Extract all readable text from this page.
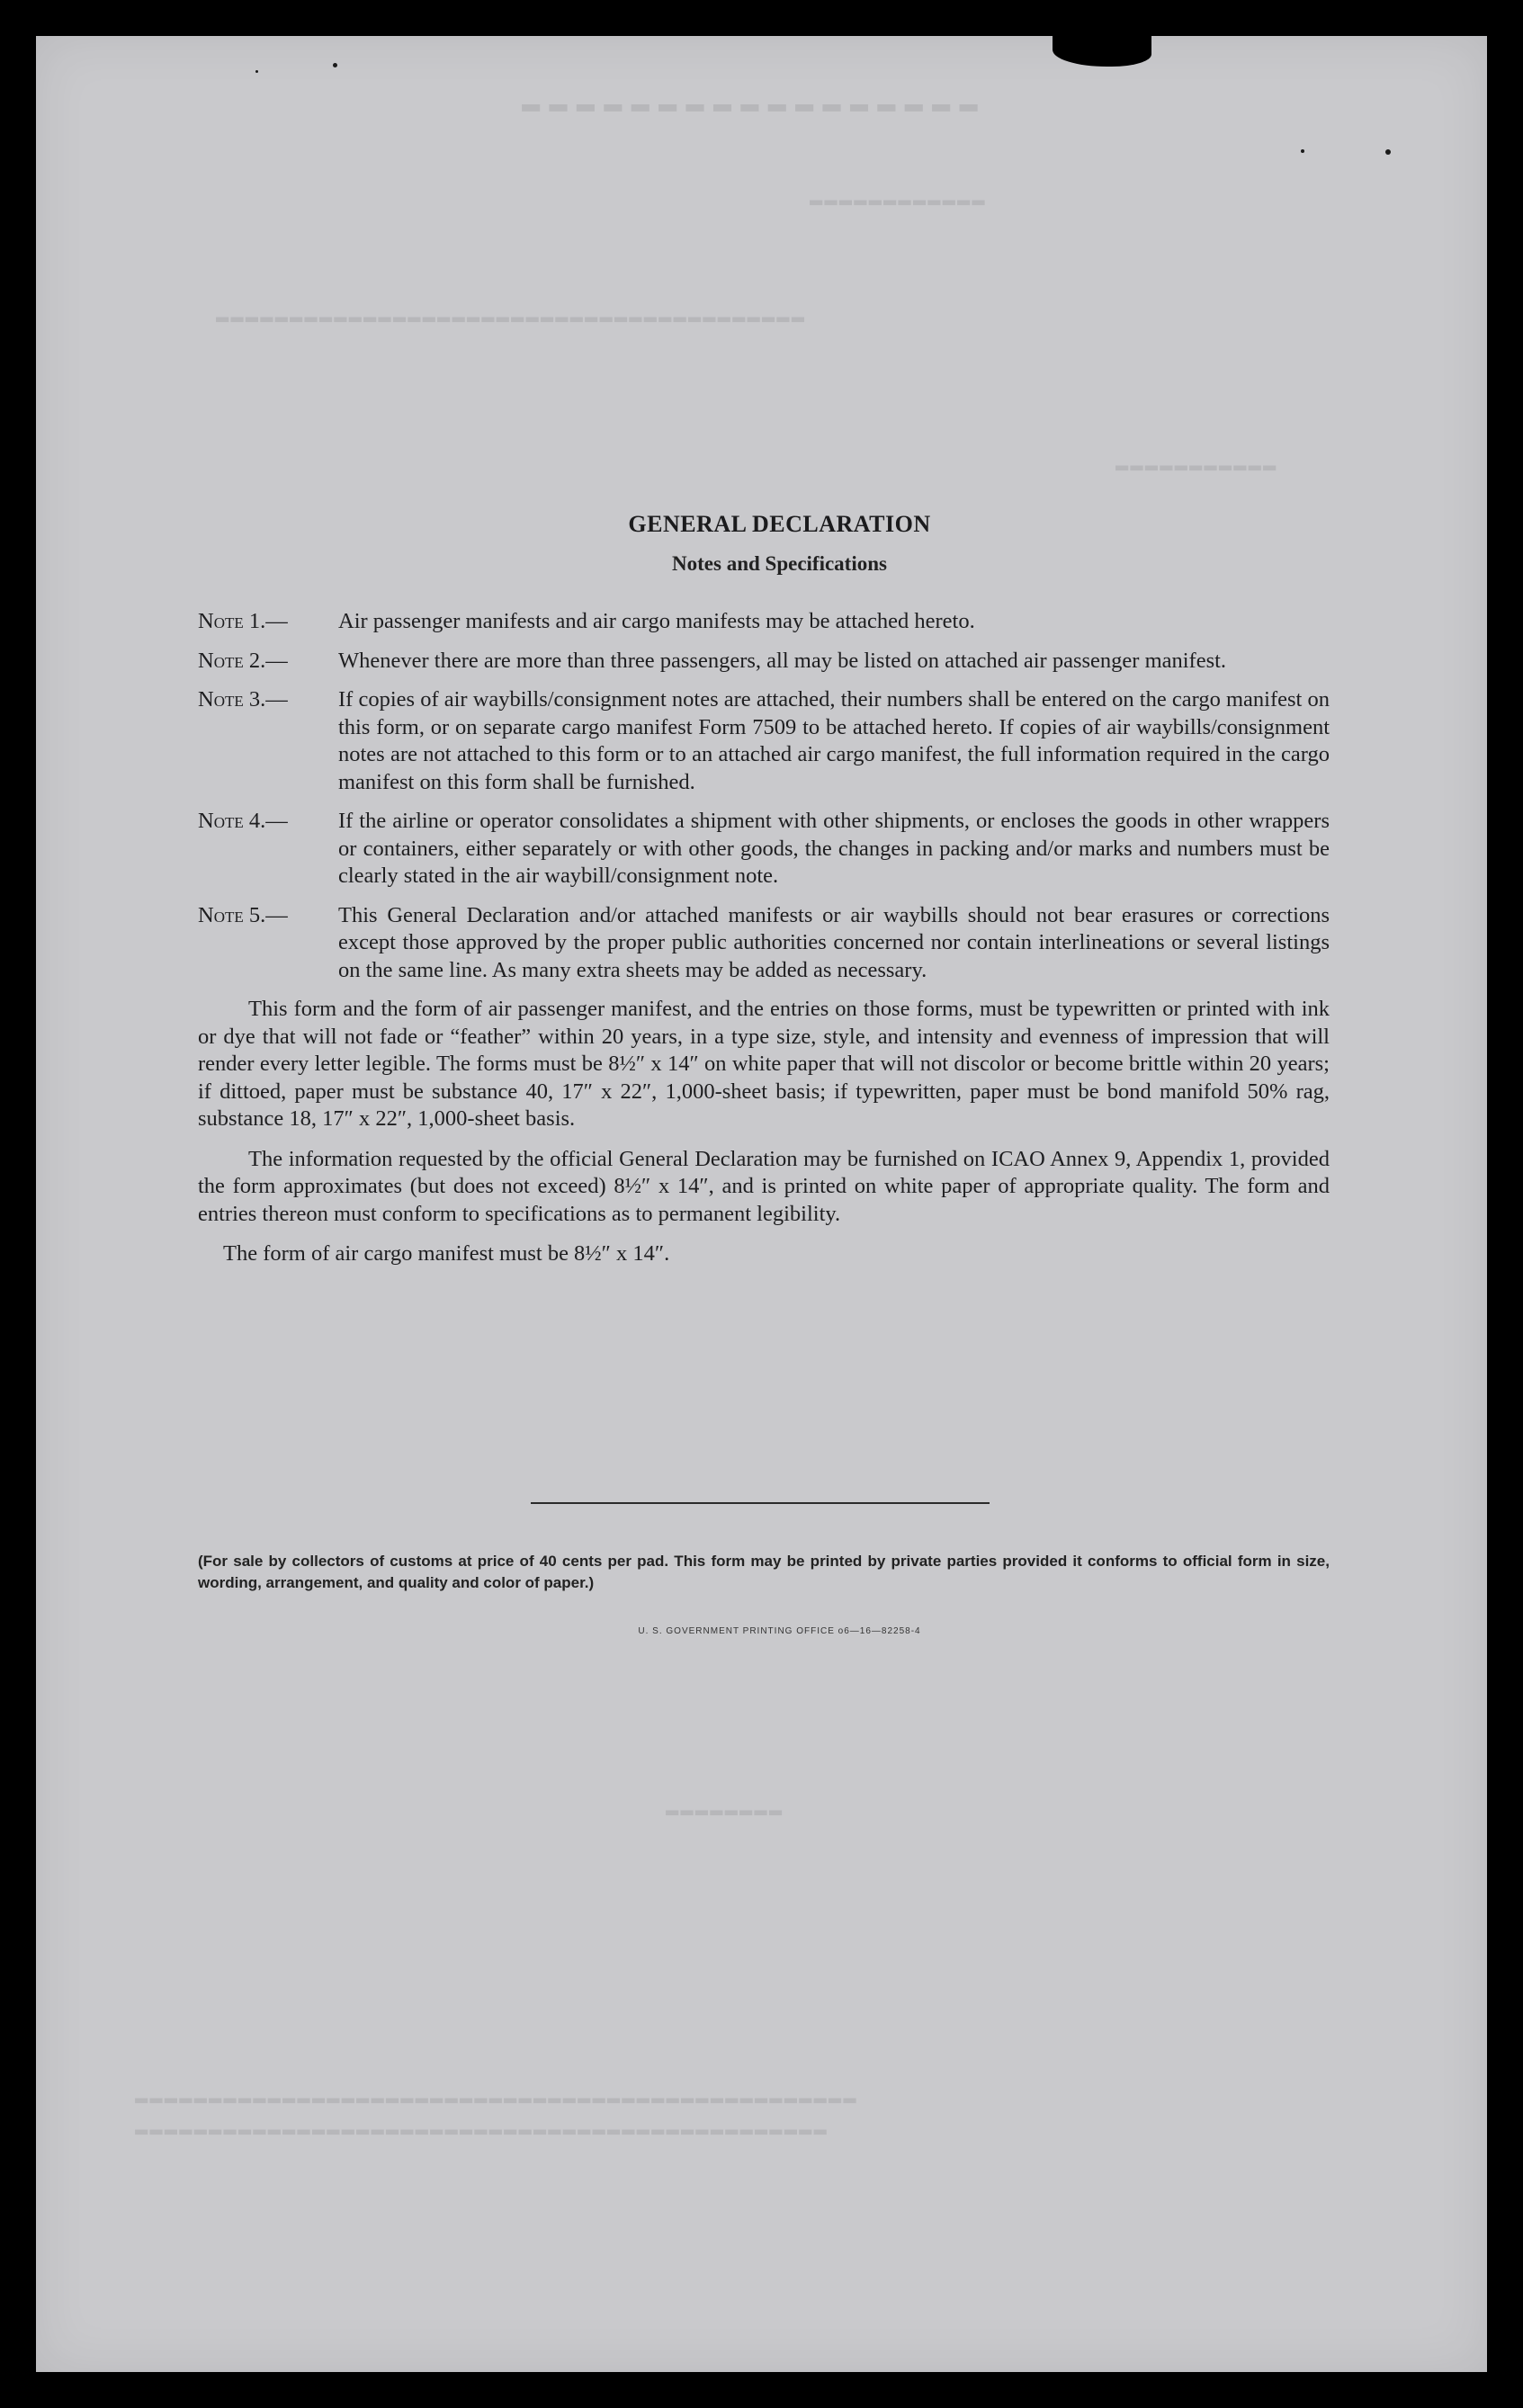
▬▬▬▬▬▬▬▬▬▬▬▬▬▬▬▬▬
▬▬▬▬▬▬▬▬▬▬▬▬
▬▬▬▬▬▬▬▬▬▬▬▬▬▬▬▬▬▬▬▬▬▬▬▬▬▬▬▬▬▬▬▬▬▬▬▬▬▬▬▬
▬▬▬▬▬▬▬▬▬▬▬
▬▬▬▬▬▬▬▬
▬▬▬▬▬▬▬▬▬▬▬▬▬▬▬▬▬▬▬▬▬▬▬▬▬▬▬▬▬▬▬▬▬▬▬▬▬▬▬▬▬▬▬▬▬▬▬▬▬
▬▬▬▬▬▬▬▬▬▬▬▬▬▬▬▬▬▬▬▬▬▬▬▬▬▬▬▬▬▬▬▬▬▬▬▬▬▬▬▬▬▬▬▬▬▬▬
GENERAL DECLARATION
Notes and Specifications
Note 1.—	Air passenger manifests and air cargo manifests may be attached hereto.
Note 2.—	Whenever there are more than three passengers, all may be listed on attached air passenger manifest.
Note 3.—	If copies of air waybills/consignment notes are attached, their numbers shall be entered on the cargo manifest on this form, or on separate cargo manifest Form 7509 to be attached hereto. If copies of air waybills/consignment notes are not attached to this form or to an attached air cargo manifest, the full information required in the cargo manifest on this form shall be furnished.
Note 4.—	If the airline or operator consolidates a shipment with other shipments, or encloses the goods in other wrappers or containers, either separately or with other goods, the changes in packing and/or marks and numbers must be clearly stated in the air waybill/consignment note.
Note 5.—	This General Declaration and/or attached manifests or air waybills should not bear erasures or corrections except those approved by the proper public authorities concerned nor contain interlineations or several listings on the same line. As many extra sheets may be added as necessary.

This form and the form of air passenger manifest, and the entries on those forms, must be typewritten or printed with ink or dye that will not fade or “feather” within 20 years, in a type size, style, and intensity and evenness of impression that will render every letter legible. The forms must be 8½″ x 14″ on white paper that will not discolor or become brittle within 20 years; if dittoed, paper must be substance 40, 17″ x 22″, 1,000-sheet basis; if typewritten, paper must be bond manifold 50% rag, substance 18, 17″ x 22″, 1,000-sheet basis.

The information requested by the official General Declaration may be furnished on ICAO Annex 9, Appendix 1, provided the form approximates (but does not exceed) 8½″ x 14″, and is printed on white paper of appropriate quality. The form and entries thereon must conform to specifications as to permanent legibility.

The form of air cargo manifest must be 8½″ x 14″.

(For sale by collectors of customs at price of 40 cents per pad. This form may be printed by private parties provided it conforms to official form in size, wording, arrangement, and quality and color of paper.)
U. S. GOVERNMENT PRINTING OFFICE o6—16—82258-4
